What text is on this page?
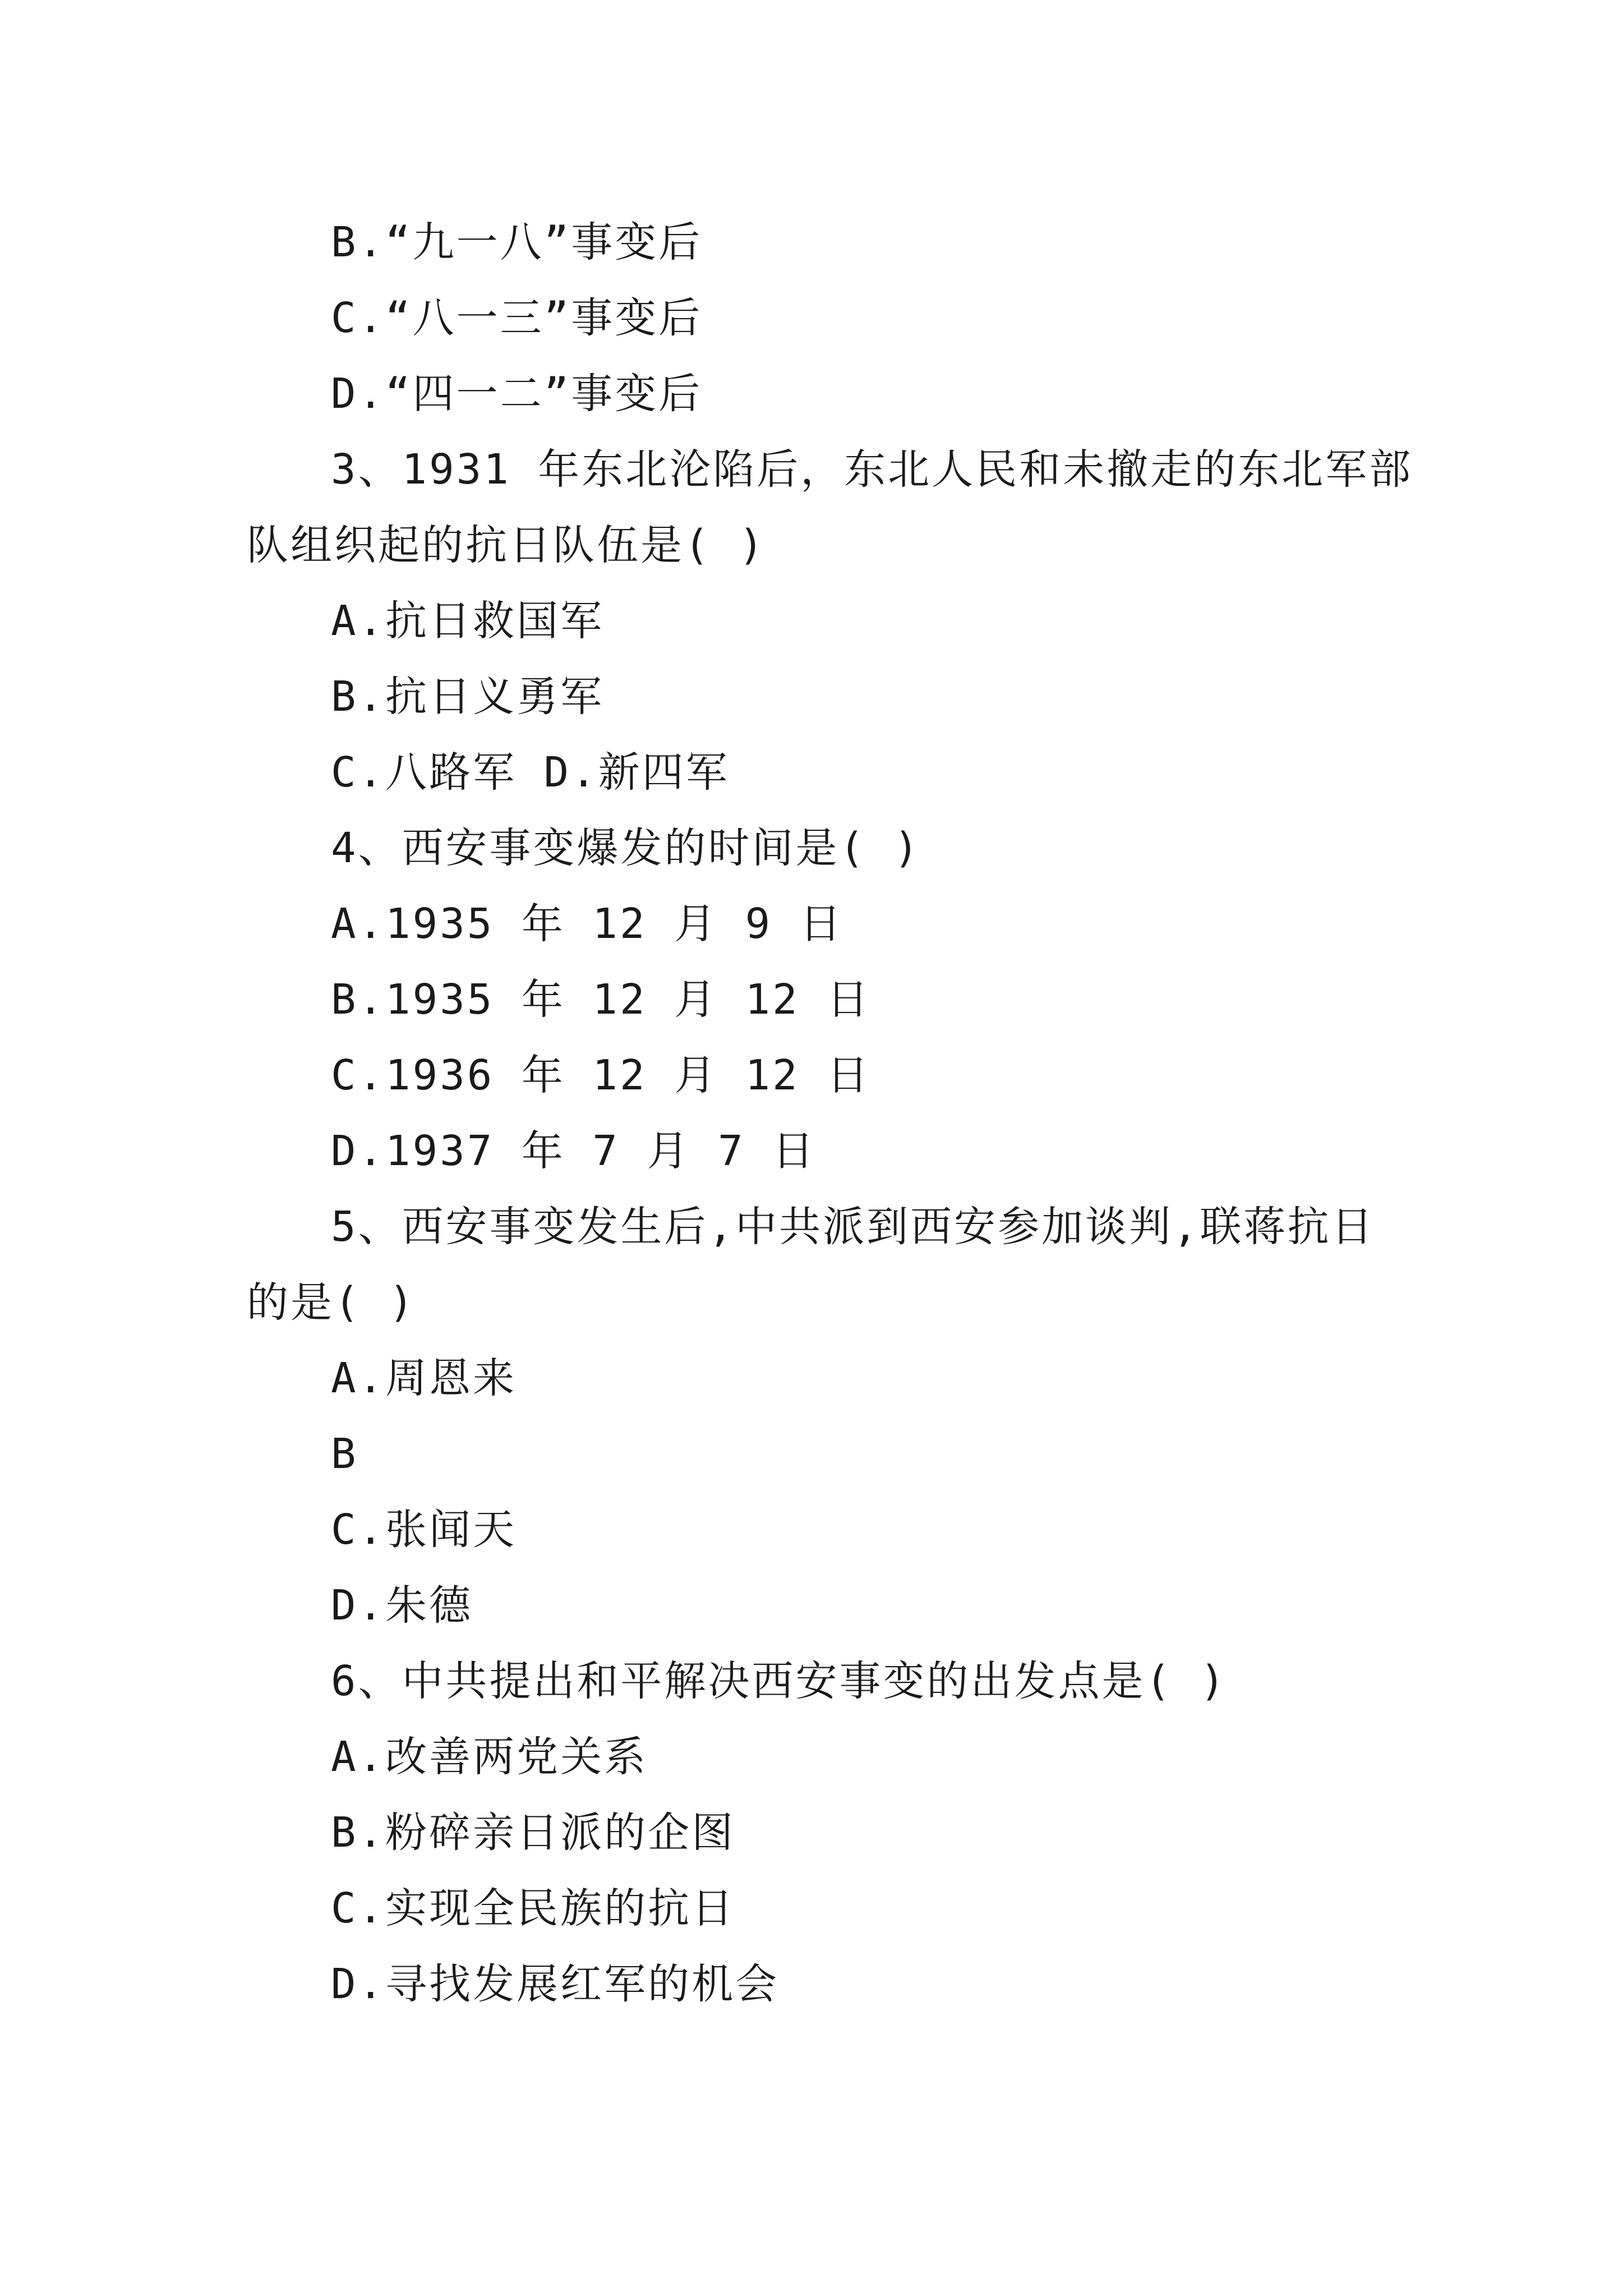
B.“九一八”事变后
C.“八一三”事变后
D.“四一二”事变后
3、1931 年东北沦陷后，东北人民和未撤走的东北军部
队组织起的抗日队伍是( )
A.抗日救国军
B.抗日义勇军
C.八路军 D.新四军
4、西安事变爆发的时间是( )
A.1935 年 12 月 9 日
B.1935 年 12 月 12 日
C.1936 年 12 月 12 日
D.1937 年 7 月 7 日
5、西安事变发生后,中共派到西安参加谈判,联蒋抗日
的是( )
A.周恩来
B
C.张闻天
D.朱德
6、中共提出和平解决西安事变的出发点是( )
A.改善两党关系
B.粉碎亲日派的企图
C.实现全民族的抗日
D.寻找发展红军的机会
